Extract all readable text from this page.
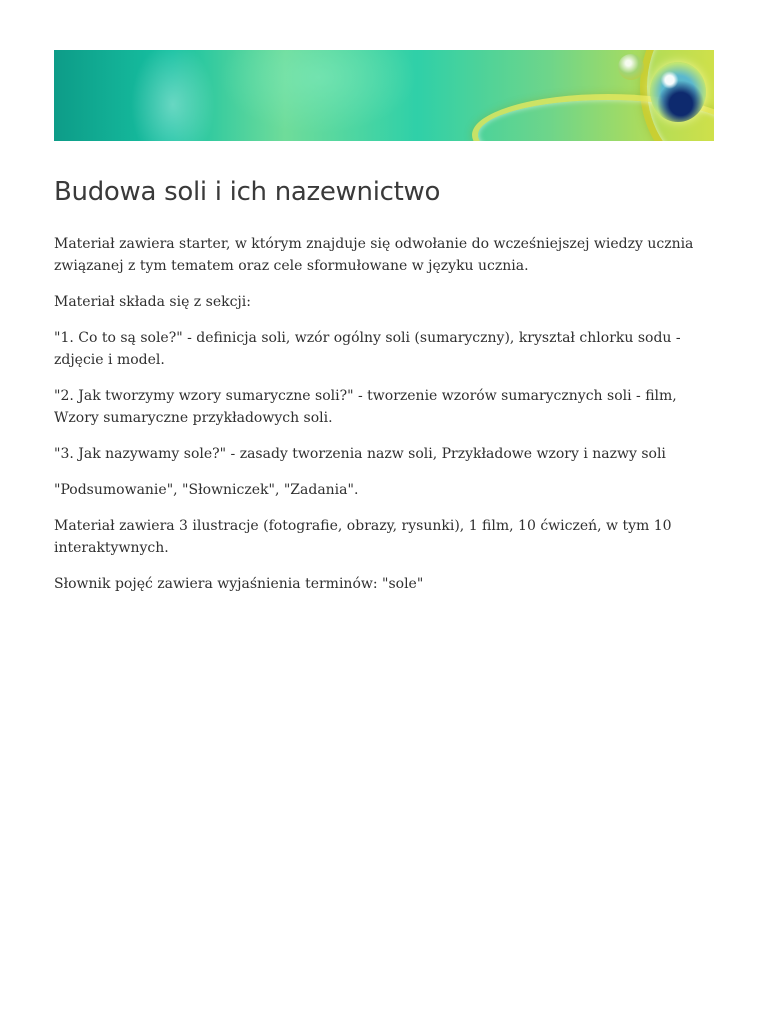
Budowa soli i ich nazewnictwo

Materiał zawiera starter, w którym znajduje się odwołanie do wcześniejszej wiedzy ucznia związanej z tym tematem oraz cele sformułowane w języku ucznia.

Materiał składa się z sekcji:

"1. Co to są sole?" - definicja soli, wzór ogólny soli (sumaryczny), kryształ chlorku sodu - zdjęcie i model.

"2. Jak tworzymy wzory sumaryczne soli?" - tworzenie wzorów sumarycznych soli - film, Wzory sumaryczne przykładowych soli.

"3. Jak nazywamy sole?" - zasady tworzenia nazw soli, Przykładowe wzory i nazwy soli

"Podsumowanie", "Słowniczek", "Zadania".

Materiał zawiera 3 ilustracje (fotografie, obrazy, rysunki), 1 film, 10 ćwiczeń, w tym 10 interaktywnych.

Słownik pojęć zawiera wyjaśnienia terminów: "sole"
